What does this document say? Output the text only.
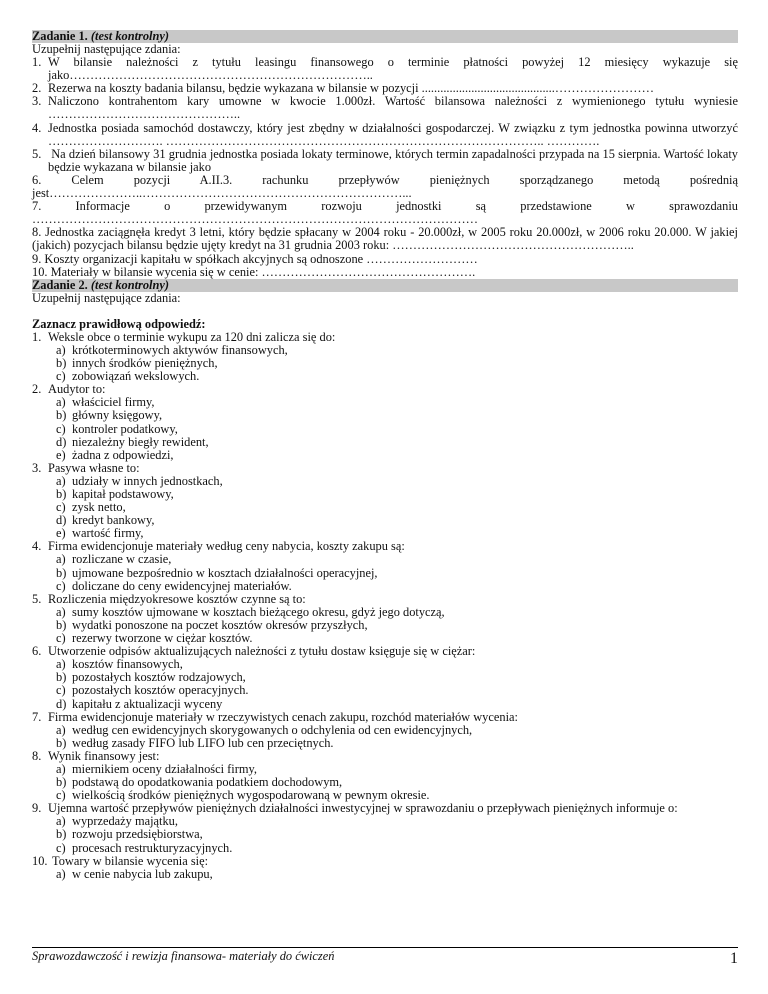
Zadanie 1. (test kontrolny)
Uzupełnij następujące zdania:
1. W bilansie należności z tytułu leasingu finansowego o terminie płatności powyżej 12 miesięcy wykazuje się jako………………………………………………………………..
2. Rezerwa na koszty badania bilansu, będzie wykazana w bilansie w pozycji ...........................................……………………
3. Naliczono kontrahentom kary umowne w kwocie 1.000zł. Wartość bilansowa należności z wymienionego tytułu wyniesie ………………………………………..
4. Jednostka posiada samochód dostawczy, który jest zbędny w działalności gospodarczej. W związku z tym jednostka powinna utworzyć ………………………. ……………………………………………………………………………….. ………….
5. Na dzień bilansowy 31 grudnia jednostka posiada lokaty terminowe, których termin zapadalności przypada na 15 sierpnia. Wartość lokaty będzie wykazana w bilansie jako
6. Celem pozycji A.II.3. rachunku przepływów pieniężnych sporządzanego metodą pośrednią jest…………………..………………………………………………………...
7. Informacje o przewidywanym rozwoju jednostki są przedstawione w sprawozdaniu ………………………………………………………………………………………………
8. Jednostka zaciągnęła kredyt 3 letni, który będzie spłacany w 2004 roku - 20.000zł, w 2005 roku 20.000zł, w 2006 roku 20.000. W jakiej (jakich) pozycjach bilansu będzie ujęty kredyt na 31 grudnia 2003 roku: …………………………………………………..
9. Koszty organizacji kapitału w spółkach akcyjnych są odnoszone ………………………
10. Materiały w bilansie wycenia się w cenie: …………………………………………….
Zadanie 2. (test kontrolny)
Uzupełnij następujące zdania:
Zaznacz prawidłową odpowiedź:
1. Weksle obce o terminie wykupu za 120 dni zalicza się do:
a) krótkoterminowych aktywów finansowych,
b) innych środków pieniężnych,
c) zobowiązań wekslowych.
2. Audytor to:
a) właściciel firmy,
b) główny księgowy,
c) kontroler podatkowy,
d) niezależny biegły rewident,
e) żadna z odpowiedzi,
3. Pasywa własne to:
a) udziały w innych jednostkach,
b) kapitał podstawowy,
c) zysk netto,
d) kredyt bankowy,
e) wartość firmy,
4. Firma ewidencjonuje materiały według ceny nabycia, koszty zakupu są:
a) rozliczane w czasie,
b) ujmowane bezpośrednio w kosztach działalności operacyjnej,
c) doliczane do ceny ewidencyjnej materiałów.
5. Rozliczenia międzyokresowe kosztów czynne są to:
a) sumy kosztów ujmowane w kosztach bieżącego okresu, gdyż jego dotyczą,
b) wydatki ponoszone na poczet kosztów okresów przyszłych,
c) rezerwy tworzone w ciężar kosztów.
6. Utworzenie odpisów aktualizujących należności z tytułu dostaw księguje się w ciężar:
a) kosztów finansowych,
b) pozostałych kosztów rodzajowych,
c) pozostałych kosztów operacyjnych.
d) kapitału z aktualizacji wyceny
7. Firma ewidencjonuje materiały w rzeczywistych cenach zakupu, rozchód materiałów wycenia:
a) według cen ewidencyjnych skorygowanych o odchylenia od cen ewidencyjnych,
b) według zasady FIFO lub LIFO lub cen przeciętnych.
8. Wynik finansowy jest:
a) miernikiem oceny działalności firmy,
b) podstawą do opodatkowania podatkiem dochodowym,
c) wielkością środków pieniężnych wygospodarowaną w pewnym okresie.
9. Ujemna wartość przepływów pieniężnych działalności inwestycyjnej w sprawozdaniu o przepływach pieniężnych informuje o:
a) wyprzedaży majątku,
b) rozwoju przedsiębiorstwa,
c) procesach restrukturyzacyjnych.
10. Towary w bilansie wycenia się:
a) w cenie nabycia lub zakupu,
Sprawozdawczość i rewizja finansowa- materiały do ćwiczeń	1
